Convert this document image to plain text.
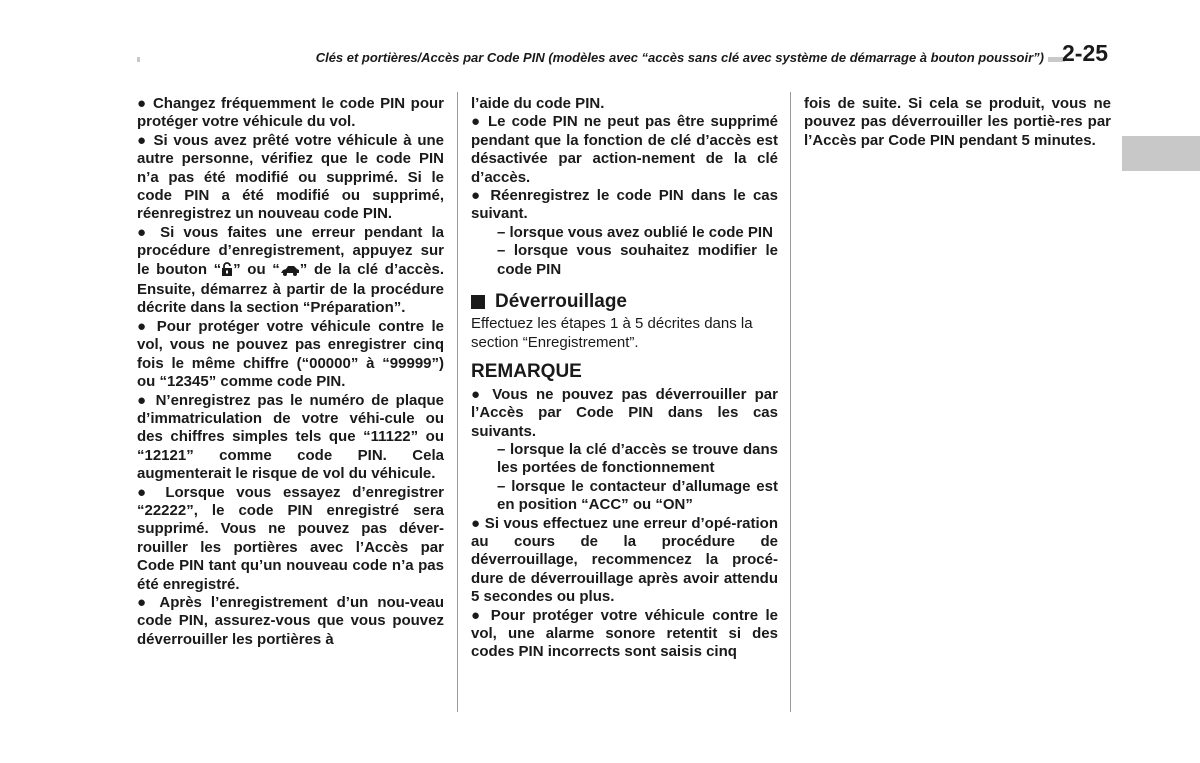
Clés et portières/Accès par Code PIN (modèles avec “accès sans clé avec système de démarrage à bouton poussoir”) 2-25

● Changez fréquemment le code PIN pour protéger votre véhicule du vol.

● Si vous avez prêté votre véhicule à une autre personne, vérifiez que le code PIN n’a pas été modifié ou supprimé. Si le code PIN a été modifié ou supprimé, réenregistrez un nouveau code PIN.

● Si vous faites une erreur pendant la procédure d’enregistrement, appuyez sur le bouton “ ” ou “ ” de la clé d’accès. Ensuite, démarrez à partir de la procédure décrite dans la section “Préparation”.

● Pour protéger votre véhicule contre le vol, vous ne pouvez pas enregistrer cinq fois le même chiffre (“00000” à “99999”) ou “12345” comme code PIN.

● N’enregistrez pas le numéro de plaque d’immatriculation de votre véhi-cule ou des chiffres simples tels que “11122” ou “12121” comme code PIN. Cela augmenterait le risque de vol du véhicule.

● Lorsque vous essayez d’enregistrer “22222”, le code PIN enregistré sera supprimé. Vous ne pouvez pas déver-rouiller les portières avec l’Accès par Code PIN tant qu’un nouveau code n’a pas été enregistré.

● Après l’enregistrement d’un nou-veau code PIN, assurez-vous que vous pouvez déverrouiller les portières à

l’aide du code PIN.

● Le code PIN ne peut pas être supprimé pendant que la fonction de clé d’accès est désactivée par action-nement de la clé d’accès.

● Réenregistrez le code PIN dans le cas suivant.

– lorsque vous avez oublié le code PIN

– lorsque vous souhaitez modifier le code PIN

Déverrouillage

Effectuez les étapes 1 à 5 décrites dans la section “Enregistrement”.

REMARQUE

● Vous ne pouvez pas déverrouiller par l’Accès par Code PIN dans les cas suivants.

– lorsque la clé d’accès se trouve dans les portées de fonctionnement

– lorsque le contacteur d’allumage est en position “ACC” ou “ON”

● Si vous effectuez une erreur d’opé-ration au cours de la procédure de déverrouillage, recommencez la procé-dure de déverrouillage après avoir attendu 5 secondes ou plus.

● Pour protéger votre véhicule contre le vol, une alarme sonore retentit si des codes PIN incorrects sont saisis cinq

fois de suite. Si cela se produit, vous ne pouvez pas déverrouiller les portiè-res par l’Accès par Code PIN pendant 5 minutes.
